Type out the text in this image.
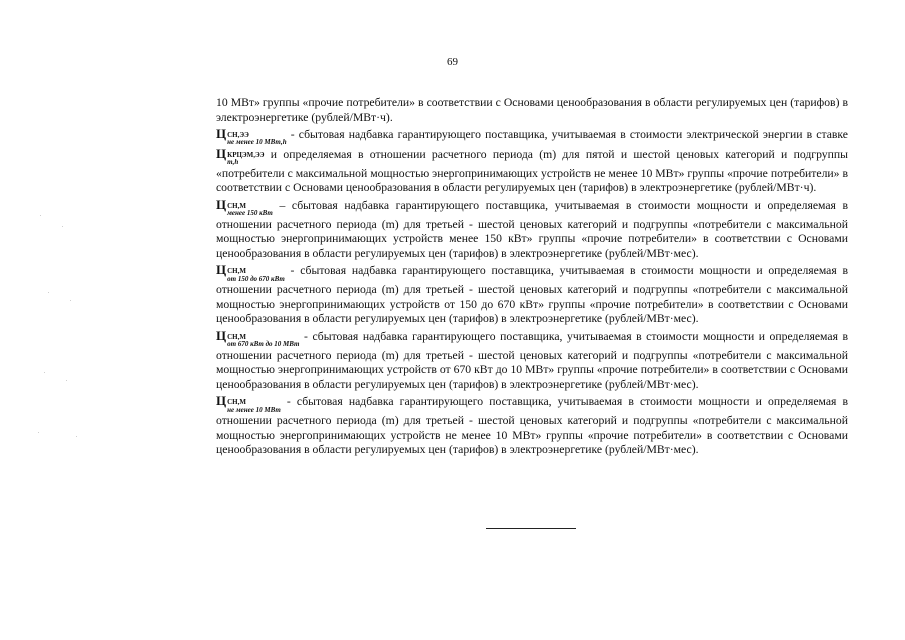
69

10 МВт» группы «прочие потребители» в соответствии с Основами ценообразования в области регулируемых цен (тарифов) в электроэнергетике (рублей/МВт·ч).

Ц СН,ЭЭ
не менее 10 МВт,h
- сбытовая надбавка гарантирующего поставщика, учитываемая в стоимости электрической энергии в ставке Ц КРЦЭМ,ЭЭ
m,h
и определяемая в отношении расчетного периода (m) для пятой и шестой ценовых категорий и подгруппы «потребители с максимальной мощностью энергопринимающих устройств не менее 10 МВт» группы «прочие потребители» в соответствии с Основами ценообразования в области регулируемых цен (тарифов) в электроэнергетике (рублей/МВт·ч).

Ц СН,М
менее 150 кВт
– сбытовая надбавка гарантирующего поставщика, учитываемая в стоимости мощности и определяемая в отношении расчетного периода (m) для третьей - шестой ценовых категорий и подгруппы «потребители с максимальной мощностью энергопринимающих устройств менее 150 кВт» группы «прочие потребители» в соответствии с Основами ценообразования в области регулируемых цен (тарифов) в электроэнергетике (рублей/МВт·мес).

Ц СН,М
от 150 до 670 кВт
- сбытовая надбавка гарантирующего поставщика, учитываемая в стоимости мощности и определяемая в отношении расчетного периода (m) для третьей - шестой ценовых категорий и подгруппы «потребители с максимальной мощностью энергопринимающих устройств от 150 до 670 кВт» группы «прочие потребители» в соответствии с Основами ценообразования в области регулируемых цен (тарифов) в электроэнергетике (рублей/МВт·мес).

Ц СН,М
от 670 кВт до 10 МВт
- сбытовая надбавка гарантирующего поставщика, учитываемая в стоимости мощности и определяемая в отношении расчетного периода (m) для третьей - шестой ценовых категорий и подгруппы «потребители с максимальной мощностью энергопринимающих устройств от 670 кВт до 10 МВт» группы «прочие потребители» в соответствии с Основами ценообразования в области регулируемых цен (тарифов) в электроэнергетике (рублей/МВт·мес).

Ц СН,М
не менее 10 МВт
- сбытовая надбавка гарантирующего поставщика, учитываемая в стоимости мощности и определяемая в отношении расчетного периода (m) для третьей - шестой ценовых категорий и подгруппы «потребители с максимальной мощностью энергопринимающих устройств не менее 10 МВт» группы «прочие потребители» в соответствии с Основами ценообразования в области регулируемых цен (тарифов) в электроэнергетике (рублей/МВт·мес).
